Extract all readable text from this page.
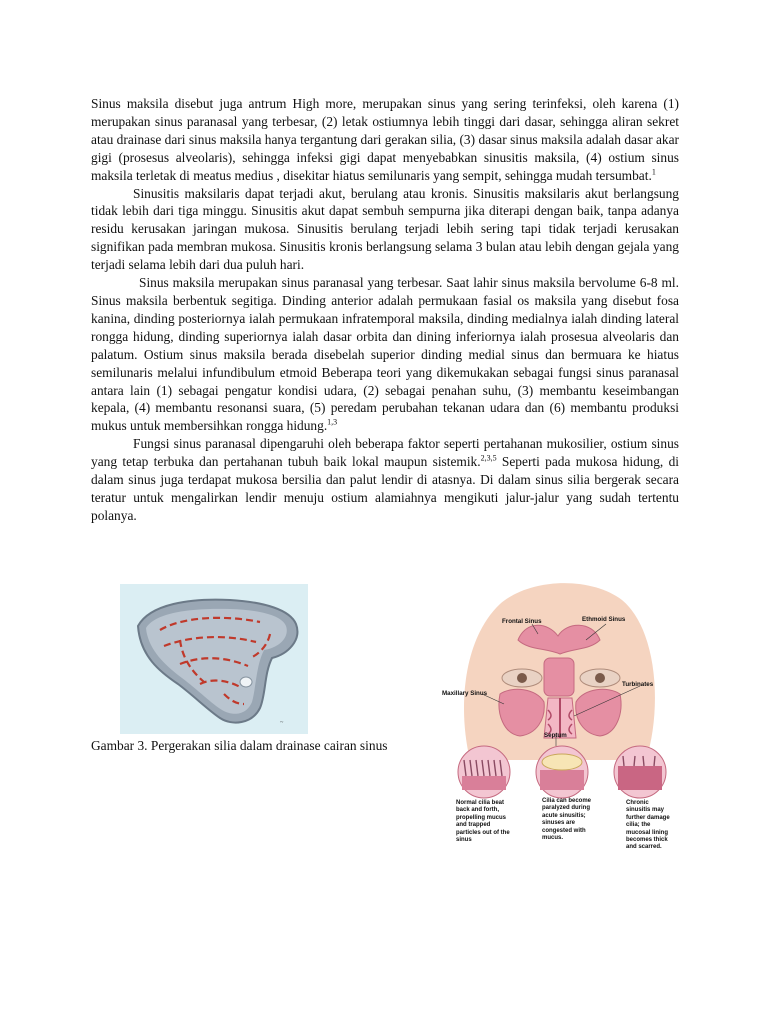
Sinus maksila disebut juga antrum High more, merupakan sinus yang sering terinfeksi, oleh karena (1) merupakan sinus paranasal yang terbesar, (2) letak ostiumnya lebih tinggi dari dasar, sehingga aliran sekret atau drainase dari sinus maksila hanya tergantung dari gerakan silia, (3) dasar sinus maksila adalah dasar akar gigi (prosesus alveolaris), sehingga infeksi gigi dapat menyebabkan sinusitis maksila, (4) ostium sinus maksila terletak di meatus medius , disekitar hiatus semilunaris yang sempit, sehingga mudah tersumbat.$^1$

Sinusitis maksilaris dapat terjadi akut, berulang atau kronis. Sinusitis maksilaris akut berlangsung tidak lebih dari tiga minggu. Sinusitis akut dapat sembuh sempurna jika diterapi dengan baik, tanpa adanya residu kerusakan jaringan mukosa. Sinusitis berulang terjadi lebih sering tapi tidak terjadi kerusakan signifikan pada membran mukosa. Sinusitis kronis berlangsung selama 3 bulan atau lebih dengan gejala yang terjadi selama lebih dari dua puluh hari.

Sinus maksila merupakan sinus paranasal yang terbesar. Saat lahir sinus maksila bervolume 6-8 ml. Sinus maksila berbentuk segitiga. Dinding anterior adalah permukaan fasial os maksila yang disebut fosa kanina, dinding posteriornya ialah permukaan infratemporal maksila, dinding medialnya ialah dinding lateral rongga hidung, dinding superiornya ialah dasar orbita dan dining inferiornya ialah prosesua alveolaris dan palatum. Ostium sinus maksila berada disebelah superior dinding medial sinus dan bermuara ke hiatus semilunaris melalui infundibulum etmoid Beberapa teori yang dikemukakan sebagai fungsi sinus paranasal antara lain (1) sebagai pengatur kondisi udara, (2) sebagai penahan suhu, (3) membantu keseimbangan kepala, (4) membantu resonansi suara, (5) peredam perubahan tekanan udara dan (6) membantu produksi mukus untuk membersihkan rongga hidung.$^{1,3}$

Fungsi sinus paranasal dipengaruhi oleh beberapa faktor seperti pertahanan mukosilier, ostium sinus yang tetap terbuka dan pertahanan tubuh baik lokal maupun sistemik.$^{2,3,5}$ Seperti pada mukosa hidung, di dalam sinus juga terdapat mukosa bersilia dan palut lendir di atasnya. Di dalam sinus silia bergerak secara teratur untuk mengalirkan lendir menuju ostium alamiahnya mengikuti jalur-jalur yang sudah tertentu polanya.

~
Gambar 3. Pergerakan silia dalam drainase cairan sinus
Frontal Sinus	Ethmoid Sinus
Maxillary Sinus
Turbinates
Septum
Normal cilia beat back and forth, propelling mucus and trapped particles out of the sinus
Cilia can become paralyzed during acute sinusitis; sinuses are congested with mucus.
Chronic sinusitis may further damage cilia; the mucosal lining becomes thick and scarred.
